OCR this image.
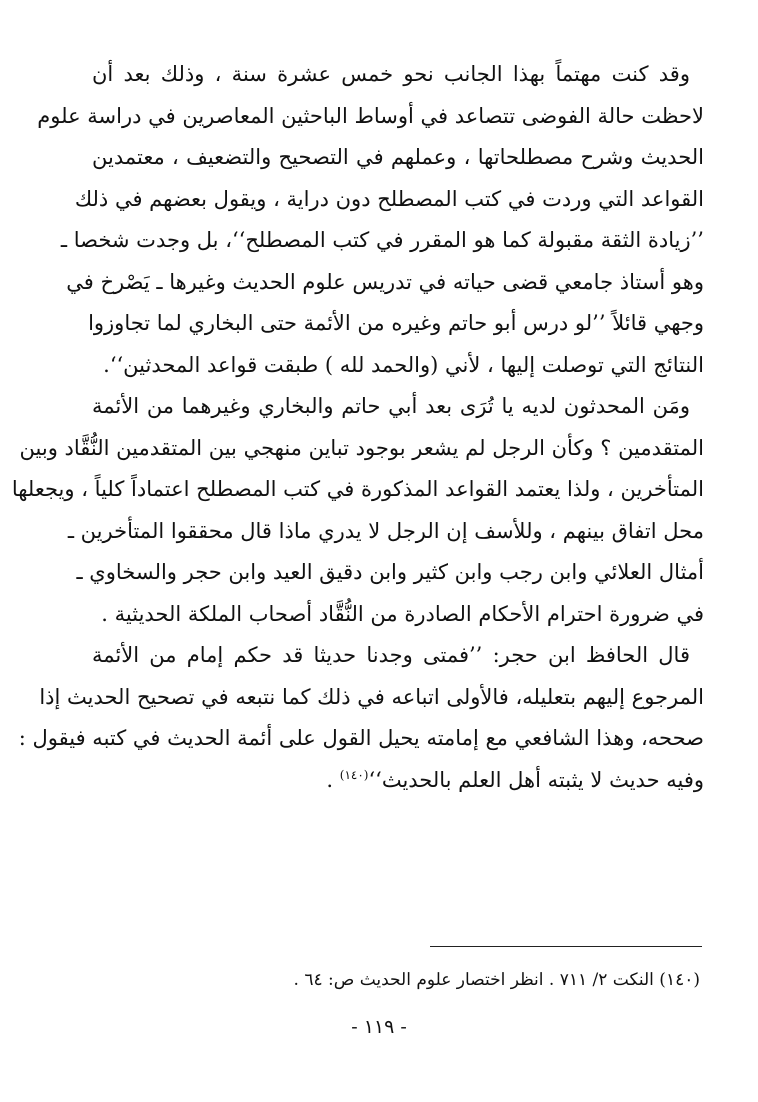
وقد كنت مهتماً بهذا الجانب نحو خمس عشرة سنة ، وذلك بعد أن
لاحظت حالة الفوضى تتصاعد في أوساط الباحثين المعاصرين في دراسة علوم
الحديث وشرح مصطلحاتها ، وعملهم في التصحيح والتضعيف ، معتمدين
القواعد التي وردت في كتب المصطلح دون دراية ، ويقول بعضهم في ذلك
’’زيادة الثقة مقبولة كما هو المقرر في كتب المصطلح‘‘، بل وجدت شخصا ـ
وهو أستاذ جامعي قضى حياته في تدريس علوم الحديث وغيرها ـ يَصْرخ في
وجهي قائلاً ’’لو درس أبو حاتم وغيره من الأئمة حتى البخاري لما تجاوزوا
النتائج التي توصلت إليها ، لأني (والحمد لله ) طبقت قواعد المحدثين‘‘.
ومَن المحدثون لديه يا تُرَى بعد أبي حاتم والبخاري وغيرهما من الأئمة
المتقدمين ؟ وكأن الرجل لم يشعر بوجود تباين منهجي بين المتقدمين النُّقَّاد وبين
المتأخرين ، ولذا يعتمد القواعد المذكورة في كتب المصطلح اعتماداً كلياً ، ويجعلها
محل اتفاق بينهم ، وللأسف إن الرجل لا يدري ماذا قال محققوا المتأخرين ـ
أمثال العلائي وابن رجب وابن كثير وابن دقيق العيد وابن حجر والسخاوي ـ
في ضرورة احترام الأحكام الصادرة من النُّقَّاد أصحاب الملكة الحديثية .
قال الحافظ ابن حجر: ’’فمتى وجدنا حديثا قد حكم إمام من الأئمة
المرجوع إليهم بتعليله، فالأولى اتباعه في ذلك كما نتبعه في تصحيح الحديث إذا
صححه، وهذا الشافعي مع إمامته يحيل القول على أئمة الحديث في كتبه فيقول :
وفيه حديث لا يثبته أهل العلم بالحديث‘‘$^{(١٤٠)}$ .
(١٤٠) النكت ٢/ ٧١١ . انظر اختصار علوم الحديث ص: ٦٤ .
- ١١٩ -
